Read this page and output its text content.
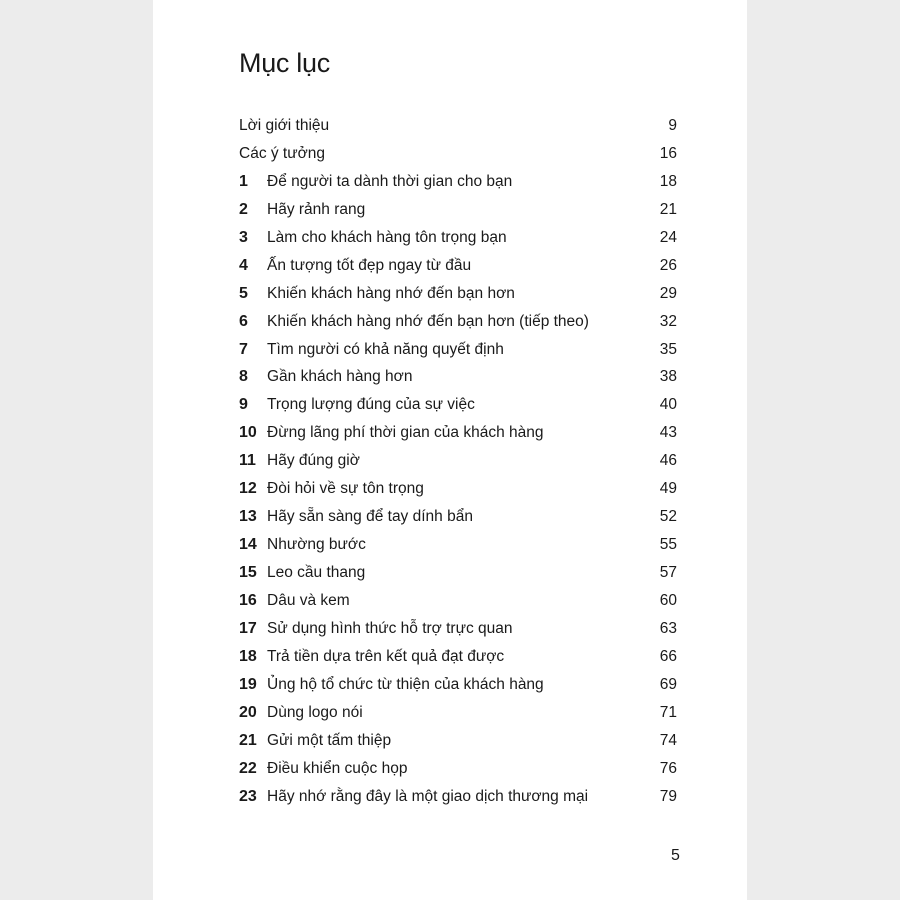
Mục lục
Lời giới thiệu	9
Các ý tưởng	16
1 Để người ta dành thời gian cho bạn	18
2 Hãy rảnh rang	21
3 Làm cho khách hàng tôn trọng bạn	24
4 Ấn tượng tốt đẹp ngay từ đầu	26
5 Khiến khách hàng nhớ đến bạn hơn	29
6 Khiến khách hàng nhớ đến bạn hơn (tiếp theo)	32
7 Tìm người có khả năng quyết định	35
8 Gần khách hàng hơn	38
9 Trọng lượng đúng của sự việc	40
10 Đừng lãng phí thời gian của khách hàng	43
11 Hãy đúng giờ	46
12 Đòi hỏi về sự tôn trọng	49
13 Hãy sẵn sàng để tay dính bẩn	52
14 Nhường bước	55
15 Leo cầu thang	57
16 Dâu và kem	60
17 Sử dụng hình thức hỗ trợ trực quan	63
18 Trả tiền dựa trên kết quả đạt được	66
19 Ủng hộ tổ chức từ thiện của khách hàng	69
20 Dùng logo nói	71
21 Gửi một tấm thiệp	74
22 Điều khiển cuộc họp	76
23 Hãy nhớ rằng đây là một giao dịch thương mại	79
5
